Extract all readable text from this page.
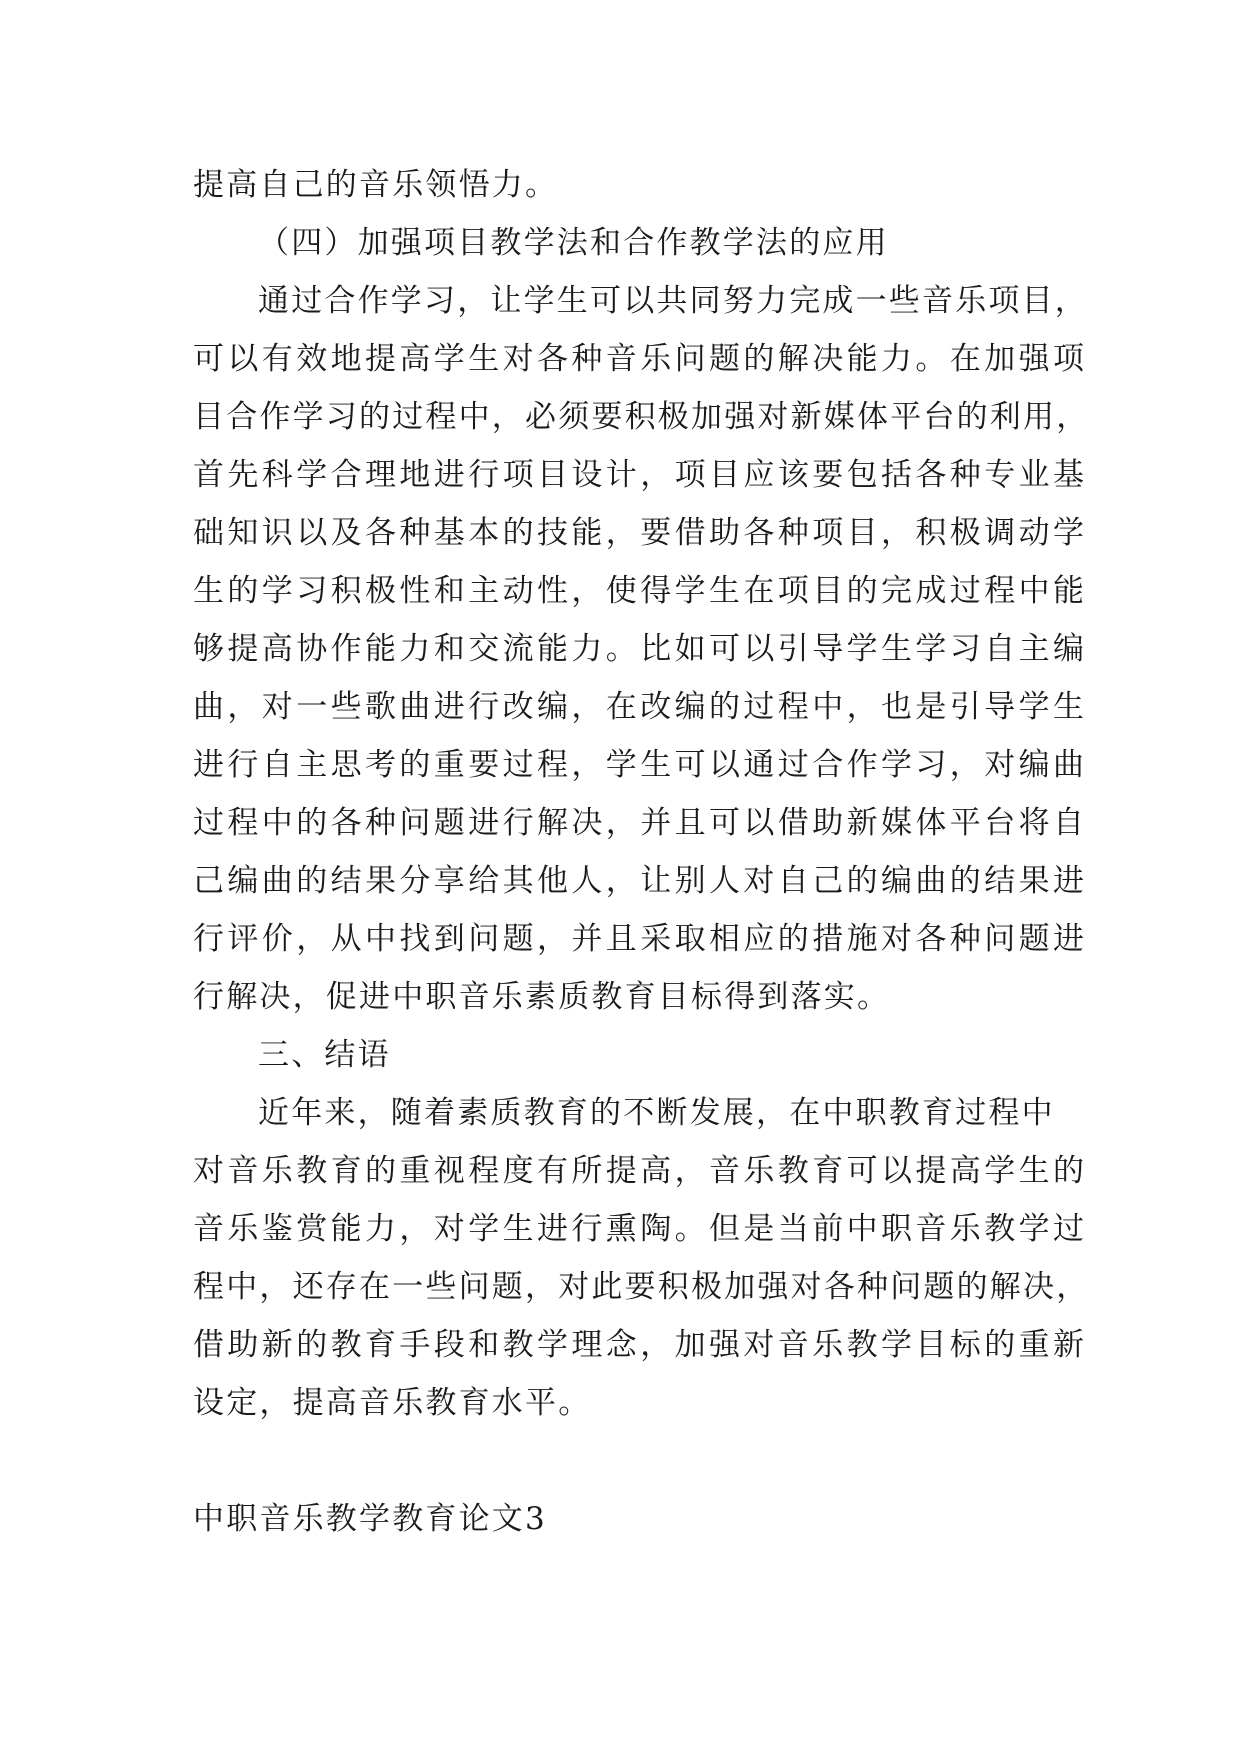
提高自己的音乐领悟力。
（四）加强项目教学法和合作教学法的应用
通过合作学习，让学生可以共同努力完成一些音乐项目，
可以有效地提高学生对各种音乐问题的解决能力。在加强项
目合作学习的过程中，必须要积极加强对新媒体平台的利用，
首先科学合理地进行项目设计，项目应该要包括各种专业基
础知识以及各种基本的技能，要借助各种项目，积极调动学
生的学习积极性和主动性，使得学生在项目的完成过程中能
够提高协作能力和交流能力。比如可以引导学生学习自主编
曲，对一些歌曲进行改编，在改编的过程中，也是引导学生
进行自主思考的重要过程，学生可以通过合作学习，对编曲
过程中的各种问题进行解决，并且可以借助新媒体平台将自
己编曲的结果分享给其他人，让别人对自己的编曲的结果进
行评价，从中找到问题，并且采取相应的措施对各种问题进
行解决，促进中职音乐素质教育目标得到落实。
三、结语
近年来，随着素质教育的不断发展，在中职教育过程中
对音乐教育的重视程度有所提高，音乐教育可以提高学生的
音乐鉴赏能力，对学生进行熏陶。但是当前中职音乐教学过
程中，还存在一些问题，对此要积极加强对各种问题的解决，
借助新的教育手段和教学理念，加强对音乐教学目标的重新
设定，提高音乐教育水平。
中职音乐教学教育论文3
